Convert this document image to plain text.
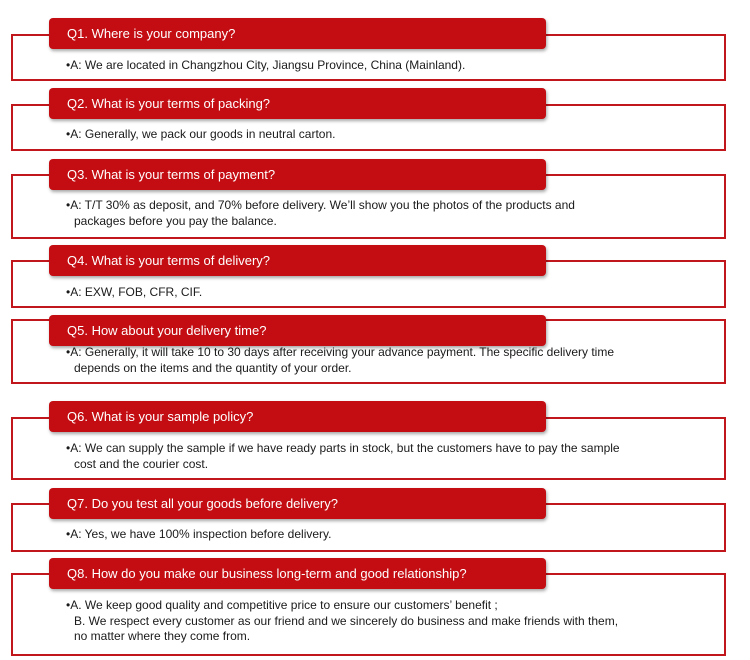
Q1. Where is your company?
•A: We are located in Changzhou City, Jiangsu Province, China (Mainland).
Q2. What is your terms of packing?
•A: Generally, we pack our goods in neutral carton.
Q3. What is your terms of payment?
•A: T/T 30% as deposit, and 70% before delivery. We’ll show you the photos of the products and
packages before you pay the balance.
Q4. What is your terms of delivery?
•A: EXW, FOB, CFR, CIF.
Q5. How about your delivery time?
•A: Generally, it will take 10 to 30 days after receiving your advance payment. The specific delivery time
depends on the items and the quantity of your order.
Q6. What is your sample policy?
•A: We can supply the sample if we have ready parts in stock, but the customers have to pay the sample
cost and the courier cost.
Q7. Do you test all your goods before delivery?
•A: Yes, we have 100% inspection before delivery.
Q8. How do you make our business long-term and good relationship?
•A. We keep good quality and competitive price to ensure our customers’ benefit ;
B. We respect every customer as our friend and we sincerely do business and make friends with them,
no matter where they come from.
